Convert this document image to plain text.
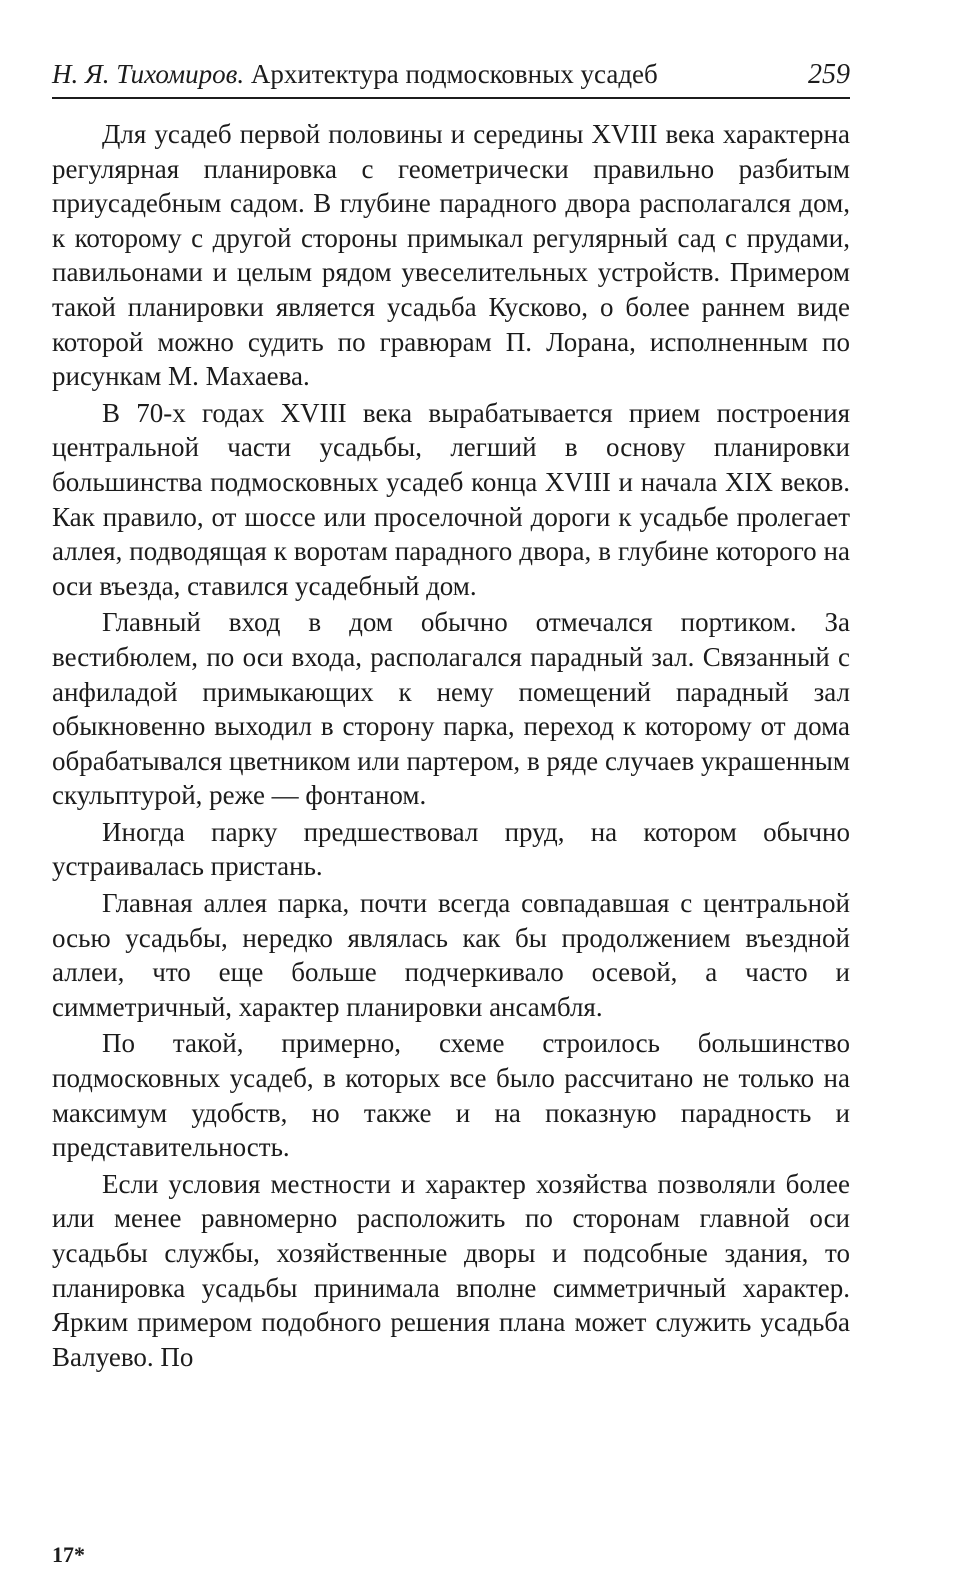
Н. Я. Тихомиров. Архитектура подмосковных усадеб	259

Для усадеб первой половины и середины XVIII века характерна регулярная планировка с геометрически правильно разбитым приусадебным садом. В глубине парадного двора располагался дом, к которому с другой стороны примыкал регулярный сад с прудами, павильонами и целым рядом увеселительных устройств. Примером такой планировки является усадьба Кусково, о более раннем виде которой можно судить по гравюрам П. Лорана, исполненным по рисункам М. Махаева.

В 70-х годах XVIII века вырабатывается прием построения центральной части усадьбы, легший в основу планировки большинства подмосковных усадеб конца XVIII и начала XIX веков. Как правило, от шоссе или проселочной дороги к усадьбе пролегает аллея, подводящая к воротам парадного двора, в глубине которого на оси въезда, ставился усадебный дом.

Главный вход в дом обычно отмечался портиком. За вестибюлем, по оси входа, располагался парадный зал. Связанный с анфиладой примыкающих к нему помещений парадный зал обыкновенно выходил в сторону парка, переход к которому от дома обрабатывался цветником или партером, в ряде случаев украшенным скульптурой, реже — фонтаном.

Иногда парку предшествовал пруд, на котором обычно устраивалась пристань.

Главная аллея парка, почти всегда совпадавшая с центральной осью усадьбы, нередко являлась как бы продолжением въездной аллеи, что еще больше подчеркивало осевой, а часто и симметричный, характер планировки ансамбля.

По такой, примерно, схеме строилось большинство подмосковных усадеб, в которых все было рассчитано не только на максимум удобств, но также и на показную парадность и представительность.

Если условия местности и характер хозяйства позволяли более или менее равномерно расположить по сторонам главной оси усадьбы службы, хозяйственные дворы и подсобные здания, то планировка усадьбы принимала вполне симметричный характер. Ярким примером подобного решения плана может служить усадьба Валуево. По

17*
